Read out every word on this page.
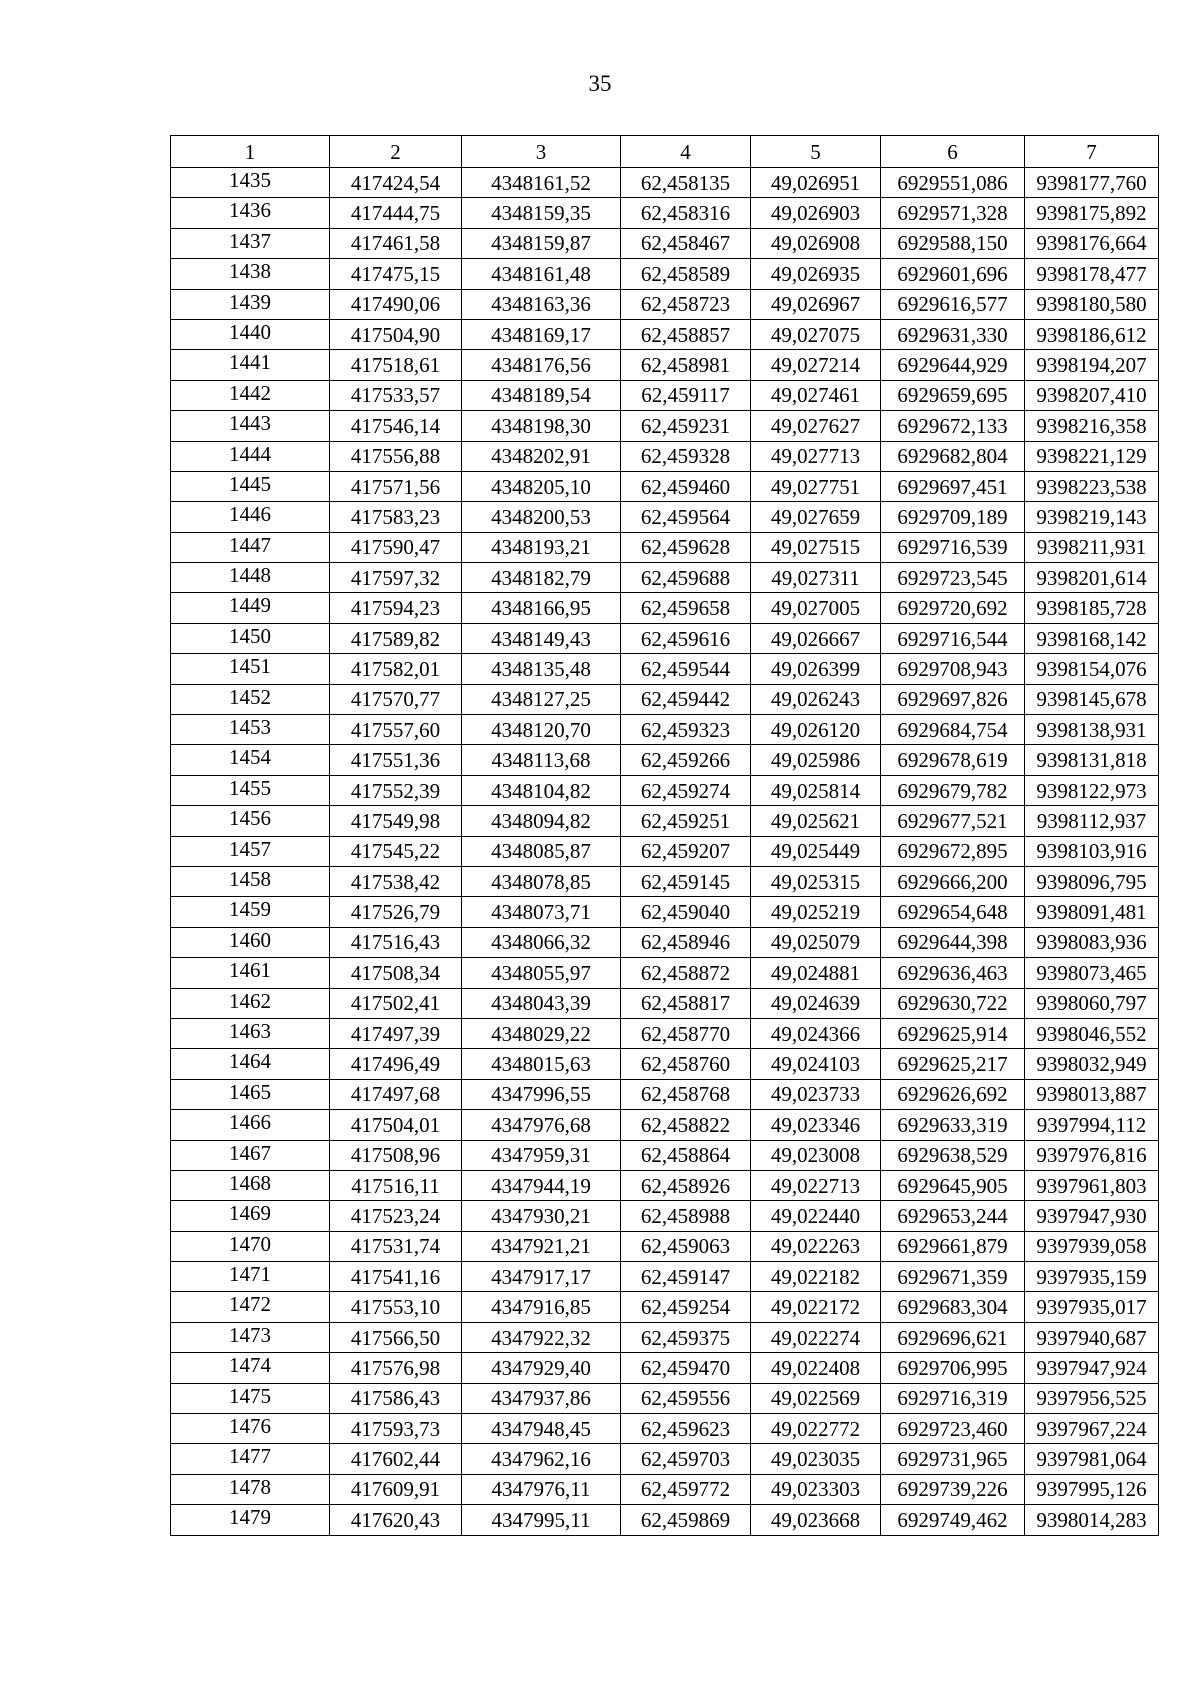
35
1	2	3	4	5	6	7
1435	417424,54	4348161,52	62,458135	49,026951	6929551,086	9398177,760
1436	417444,75	4348159,35	62,458316	49,026903	6929571,328	9398175,892
1437	417461,58	4348159,87	62,458467	49,026908	6929588,150	9398176,664
1438	417475,15	4348161,48	62,458589	49,026935	6929601,696	9398178,477
1439	417490,06	4348163,36	62,458723	49,026967	6929616,577	9398180,580
1440	417504,90	4348169,17	62,458857	49,027075	6929631,330	9398186,612
1441	417518,61	4348176,56	62,458981	49,027214	6929644,929	9398194,207
1442	417533,57	4348189,54	62,459117	49,027461	6929659,695	9398207,410
1443	417546,14	4348198,30	62,459231	49,027627	6929672,133	9398216,358
1444	417556,88	4348202,91	62,459328	49,027713	6929682,804	9398221,129
1445	417571,56	4348205,10	62,459460	49,027751	6929697,451	9398223,538
1446	417583,23	4348200,53	62,459564	49,027659	6929709,189	9398219,143
1447	417590,47	4348193,21	62,459628	49,027515	6929716,539	9398211,931
1448	417597,32	4348182,79	62,459688	49,027311	6929723,545	9398201,614
1449	417594,23	4348166,95	62,459658	49,027005	6929720,692	9398185,728
1450	417589,82	4348149,43	62,459616	49,026667	6929716,544	9398168,142
1451	417582,01	4348135,48	62,459544	49,026399	6929708,943	9398154,076
1452	417570,77	4348127,25	62,459442	49,026243	6929697,826	9398145,678
1453	417557,60	4348120,70	62,459323	49,026120	6929684,754	9398138,931
1454	417551,36	4348113,68	62,459266	49,025986	6929678,619	9398131,818
1455	417552,39	4348104,82	62,459274	49,025814	6929679,782	9398122,973
1456	417549,98	4348094,82	62,459251	49,025621	6929677,521	9398112,937
1457	417545,22	4348085,87	62,459207	49,025449	6929672,895	9398103,916
1458	417538,42	4348078,85	62,459145	49,025315	6929666,200	9398096,795
1459	417526,79	4348073,71	62,459040	49,025219	6929654,648	9398091,481
1460	417516,43	4348066,32	62,458946	49,025079	6929644,398	9398083,936
1461	417508,34	4348055,97	62,458872	49,024881	6929636,463	9398073,465
1462	417502,41	4348043,39	62,458817	49,024639	6929630,722	9398060,797
1463	417497,39	4348029,22	62,458770	49,024366	6929625,914	9398046,552
1464	417496,49	4348015,63	62,458760	49,024103	6929625,217	9398032,949
1465	417497,68	4347996,55	62,458768	49,023733	6929626,692	9398013,887
1466	417504,01	4347976,68	62,458822	49,023346	6929633,319	9397994,112
1467	417508,96	4347959,31	62,458864	49,023008	6929638,529	9397976,816
1468	417516,11	4347944,19	62,458926	49,022713	6929645,905	9397961,803
1469	417523,24	4347930,21	62,458988	49,022440	6929653,244	9397947,930
1470	417531,74	4347921,21	62,459063	49,022263	6929661,879	9397939,058
1471	417541,16	4347917,17	62,459147	49,022182	6929671,359	9397935,159
1472	417553,10	4347916,85	62,459254	49,022172	6929683,304	9397935,017
1473	417566,50	4347922,32	62,459375	49,022274	6929696,621	9397940,687
1474	417576,98	4347929,40	62,459470	49,022408	6929706,995	9397947,924
1475	417586,43	4347937,86	62,459556	49,022569	6929716,319	9397956,525
1476	417593,73	4347948,45	62,459623	49,022772	6929723,460	9397967,224
1477	417602,44	4347962,16	62,459703	49,023035	6929731,965	9397981,064
1478	417609,91	4347976,11	62,459772	49,023303	6929739,226	9397995,126
1479	417620,43	4347995,11	62,459869	49,023668	6929749,462	9398014,283
